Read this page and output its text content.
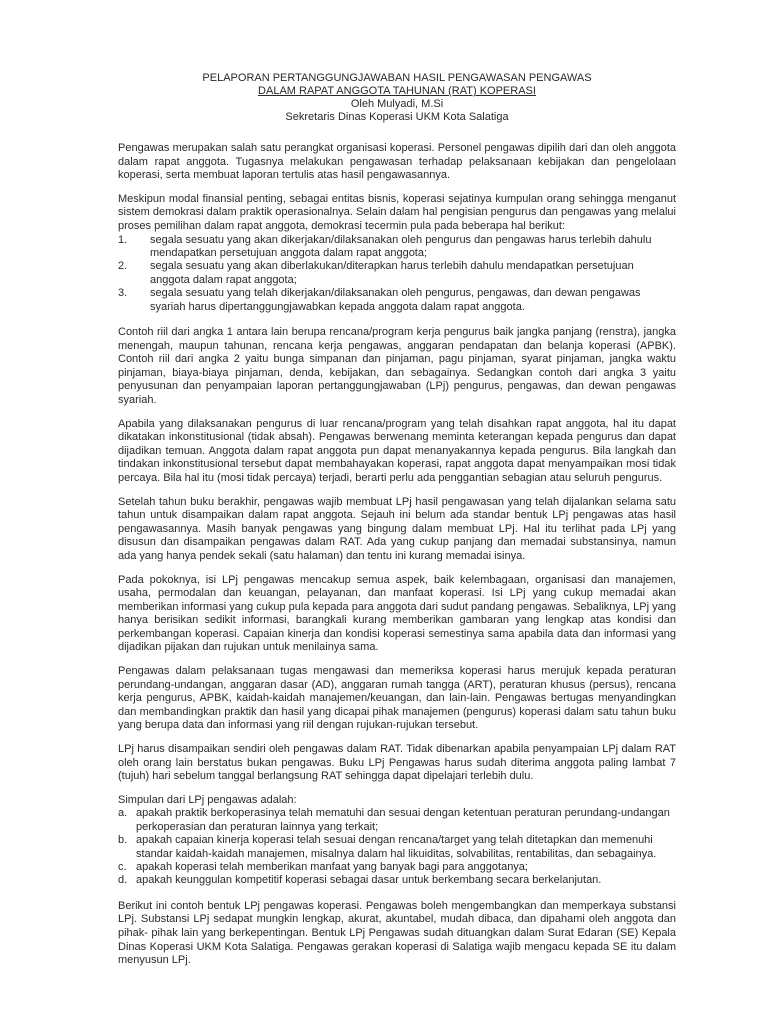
PELAPORAN PERTANGGUNGJAWABAN HASIL PENGAWASAN PENGAWAS
DALAM RAPAT ANGGOTA TAHUNAN (RAT) KOPERASI
Oleh Mulyadi, M.Si
Sekretaris Dinas Koperasi UKM Kota Salatiga

Pengawas merupakan salah satu perangkat organisasi koperasi. Personel pengawas dipilih dari dan oleh anggota dalam rapat anggota. Tugasnya melakukan pengawasan terhadap pelaksanaan kebijakan dan pengelolaan koperasi, serta membuat laporan tertulis atas hasil pengawasannya.

Meskipun modal finansial penting, sebagai entitas bisnis, koperasi sejatinya kumpulan orang sehingga menganut sistem demokrasi dalam praktik operasionalnya. Selain dalam hal pengisian pengurus dan pengawas yang melalui proses pemilihan dalam rapat anggota, demokrasi tecermin pula pada beberapa hal berikut:

1.	segala sesuatu yang akan dikerjakan/dilaksanakan oleh pengurus dan pengawas harus terlebih dahulu mendapatkan persetujuan anggota dalam rapat anggota;
2.	segala sesuatu yang akan diberlakukan/diterapkan harus terlebih dahulu mendapatkan persetujuan anggota dalam rapat anggota;
3.	segala sesuatu yang telah dikerjakan/dilaksanakan oleh pengurus, pengawas, dan dewan pengawas syariah harus dipertanggungjawabkan kepada anggota dalam rapat anggota.

Contoh riil dari angka 1 antara lain berupa rencana/program kerja pengurus baik jangka panjang (renstra), jangka menengah, maupun tahunan, rencana kerja pengawas, anggaran pendapatan dan belanja koperasi (APBK). Contoh riil dari angka 2 yaitu bunga simpanan dan pinjaman, pagu pinjaman, syarat pinjaman, jangka waktu pinjaman, biaya-biaya pinjaman, denda, kebijakan, dan sebagainya. Sedangkan contoh dari angka 3 yaitu penyusunan dan penyampaian laporan pertanggungjawaban (LPj) pengurus, pengawas, dan dewan pengawas syariah.

Apabila yang dilaksanakan pengurus di luar rencana/program yang telah disahkan rapat anggota, hal itu dapat dikatakan inkonstitusional (tidak absah). Pengawas berwenang meminta keterangan kepada pengurus dan dapat dijadikan temuan. Anggota dalam rapat anggota pun dapat menanyakannya kepada pengurus. Bila langkah dan tindakan inkonstitusional tersebut dapat membahayakan koperasi, rapat anggota dapat menyampaikan mosi tidak percaya. Bila hal itu (mosi tidak percaya) terjadi, berarti perlu ada penggantian sebagian atau seluruh pengurus.

Setelah tahun buku berakhir, pengawas wajib membuat LPj hasil pengawasan yang telah dijalankan selama satu tahun untuk disampaikan dalam rapat anggota. Sejauh ini belum ada standar bentuk LPj pengawas atas hasil pengawasannya. Masih banyak pengawas yang bingung dalam membuat LPj. Hal itu terlihat pada LPj yang disusun dan disampaikan pengawas dalam RAT. Ada yang cukup panjang dan memadai substansinya, namun ada yang hanya pendek sekali (satu halaman) dan tentu ini kurang memadai isinya.

Pada pokoknya, isi LPj pengawas mencakup semua aspek, baik kelembagaan, organisasi dan manajemen, usaha, permodalan dan keuangan, pelayanan, dan manfaat koperasi. Isi LPj yang cukup memadai akan memberikan informasi yang cukup pula kepada para anggota dari sudut pandang pengawas. Sebaliknya, LPj yang hanya berisikan sedikit informasi, barangkali kurang memberikan gambaran yang lengkap atas kondisi dan perkembangan koperasi. Capaian kinerja dan kondisi koperasi semestinya sama apabila data dan informasi yang dijadikan pijakan dan rujukan untuk menilainya sama.

Pengawas dalam pelaksanaan tugas mengawasi dan memeriksa koperasi harus merujuk kepada peraturan perundang-undangan, anggaran dasar (AD), anggaran rumah tangga (ART), peraturan khusus (persus), rencana kerja pengurus, APBK, kaidah-kaidah manajemen/keuangan, dan lain-lain. Pengawas bertugas menyandingkan dan membandingkan praktik dan hasil yang dicapai pihak manajemen (pengurus) koperasi dalam satu tahun buku yang berupa data dan informasi yang riil dengan rujukan-rujukan tersebut.

LPj harus disampaikan sendiri oleh pengawas dalam RAT. Tidak dibenarkan apabila penyampaian LPj dalam RAT oleh orang lain berstatus bukan pengawas. Buku LPj Pengawas harus sudah diterima anggota paling lambat 7 (tujuh) hari sebelum tanggal berlangsung RAT sehingga dapat dipelajari terlebih dulu.

Simpulan dari LPj pengawas adalah:

a. apakah praktik berkoperasinya telah mematuhi dan sesuai dengan ketentuan peraturan perundang-undangan perkoperasian dan peraturan lainnya yang terkait;
b. apakah capaian kinerja koperasi telah sesuai dengan rencana/target yang telah ditetapkan dan memenuhi standar kaidah-kaidah manajemen, misalnya dalam hal likuiditas, solvabilitas, rentabilitas, dan sebagainya.
c. apakah koperasi telah memberikan manfaat yang banyak bagi para anggotanya;
d. apakah keunggulan kompetitif koperasi sebagai dasar untuk berkembang secara berkelanjutan.

Berikut ini contoh bentuk LPj pengawas koperasi. Pengawas boleh mengembangkan dan memperkaya substansi LPj. Substansi LPj sedapat mungkin lengkap, akurat, akuntabel, mudah dibaca, dan dipahami oleh anggota dan pihak- pihak lain yang berkepentingan. Bentuk LPj Pengawas sudah dituangkan dalam Surat Edaran (SE) Kepala Dinas Koperasi UKM Kota Salatiga. Pengawas gerakan koperasi di Salatiga wajib mengacu kepada SE itu dalam menyusun LPj.
